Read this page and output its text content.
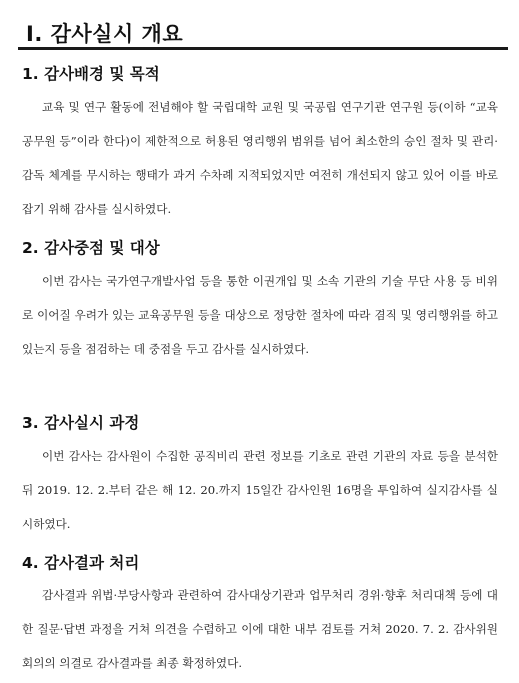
Ⅰ. 감사실시 개요
1. 감사배경 및 목적
교육 및 연구 활동에 전념해야 할 국립대학 교원 및 국공립 연구기관 연구원 등(이하 “교육공무원 등”이라 한다)이 제한적으로 허용된 영리행위 범위를 넘어 최소한의 승인 절차 및 관리·감독 체계를 무시하는 행태가 과거 수차례 지적되었지만 여전히 개선되지 않고 있어 이를 바로잡기 위해 감사를 실시하였다.
2. 감사중점 및 대상
이번 감사는 국가연구개발사업 등을 통한 이권개입 및 소속 기관의 기술 무단 사용 등 비위로 이어질 우려가 있는 교육공무원 등을 대상으로 정당한 절차에 따라 겸직 및 영리행위를 하고 있는지 등을 점검하는 데 중점을 두고 감사를 실시하였다.
3. 감사실시 과정
이번 감사는 감사원이 수집한 공직비리 관련 정보를 기초로 관련 기관의 자료 등을 분석한 뒤 2019. 12. 2.부터 같은 해 12. 20.까지 15일간 감사인원 16명을 투입하여 실지감사를 실시하였다.
4. 감사결과 처리
감사결과 위법·부당사항과 관련하여 감사대상기관과 업무처리 경위·향후 처리대책 등에 대한 질문·답변 과정을 거쳐 의견을 수렴하고 이에 대한 내부 검토를 거쳐 2020. 7. 2. 감사위원회의의 의결로 감사결과를 최종 확정하였다.
